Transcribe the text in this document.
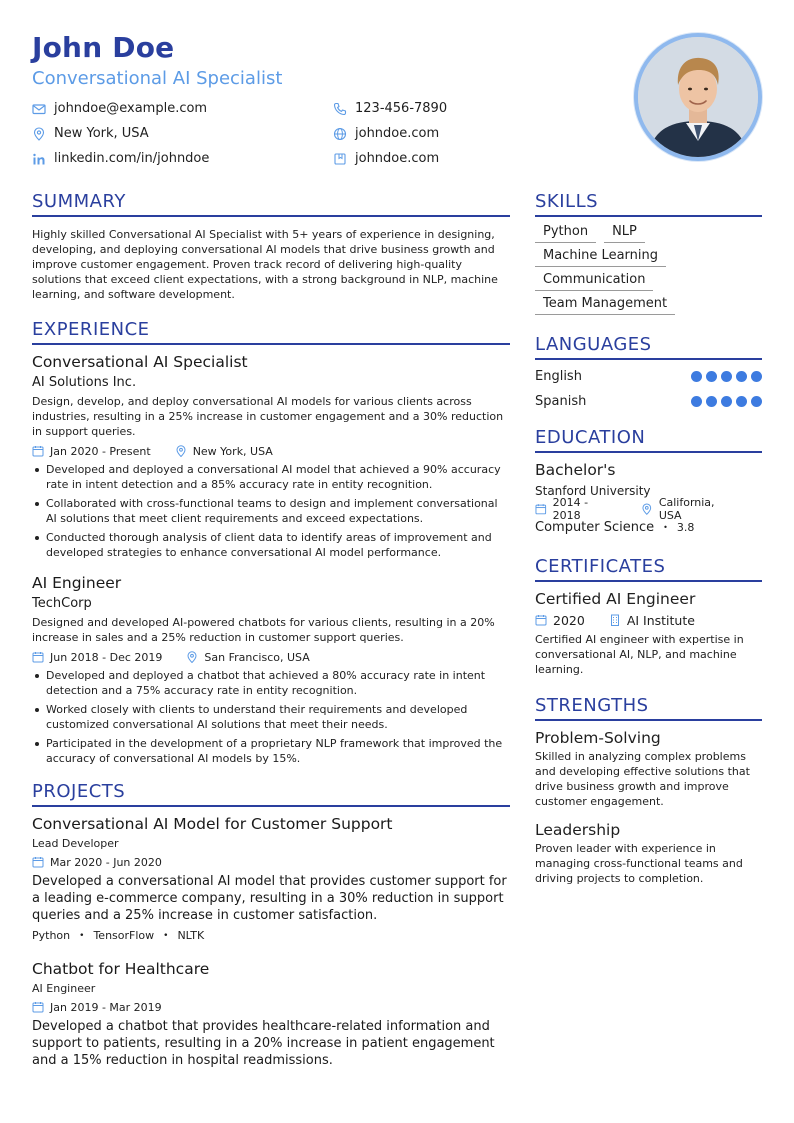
John Doe
Conversational AI Specialist
johndoe@example.com	123-456-7890
New York, USA	johndoe.com
linkedin.com/in/johndoe	johndoe.com
SUMMARY
Highly skilled Conversational AI Specialist with 5+ years of experience in designing, developing, and deploying conversational AI models that drive business growth and improve customer engagement. Proven track record of delivering high-quality solutions that exceed client expectations, with a strong background in NLP, machine learning, and software development.
EXPERIENCE
Conversational AI Specialist
AI Solutions Inc.
Design, develop, and deploy conversational AI models for various clients across industries, resulting in a 25% increase in customer engagement and a 30% reduction in support queries.
Jan 2020 - Present	New York, USA
Developed and deployed a conversational AI model that achieved a 90% accuracy rate in intent detection and a 85% accuracy rate in entity recognition.
Collaborated with cross-functional teams to design and implement conversational AI solutions that meet client requirements and exceed expectations.
Conducted thorough analysis of client data to identify areas of improvement and developed strategies to enhance conversational AI model performance.
AI Engineer
TechCorp
Designed and developed AI-powered chatbots for various clients, resulting in a 20% increase in sales and a 25% reduction in customer support queries.
Jun 2018 - Dec 2019	San Francisco, USA
Developed and deployed a chatbot that achieved a 80% accuracy rate in intent detection and a 75% accuracy rate in entity recognition.
Worked closely with clients to understand their requirements and developed customized conversational AI solutions that meet their needs.
Participated in the development of a proprietary NLP framework that improved the accuracy of conversational AI models by 15%.
PROJECTS
Conversational AI Model for Customer Support
Lead Developer
Mar 2020 - Jun 2020
Developed a conversational AI model that provides customer support for a leading e-commerce company, resulting in a 30% reduction in support queries and a 25% increase in customer satisfaction.
Python • TensorFlow • NLTK
Chatbot for Healthcare
AI Engineer
Jan 2019 - Mar 2019
Developed a chatbot that provides healthcare-related information and support to patients, resulting in a 20% increase in patient engagement and a 15% reduction in hospital readmissions.
SKILLS
Python	NLP
Machine Learning
Communication
Team Management
LANGUAGES
English
Spanish
EDUCATION
Bachelor's
Stanford University
2014 - 2018
California, USA
Computer Science • 3.8
CERTIFICATES
Certified AI Engineer
2020	AI Institute
Certified AI engineer with expertise in conversational AI, NLP, and machine learning.
STRENGTHS
Problem-Solving
Skilled in analyzing complex problems and developing effective solutions that drive business growth and improve customer engagement.
Leadership
Proven leader with experience in managing cross-functional teams and driving projects to completion.
